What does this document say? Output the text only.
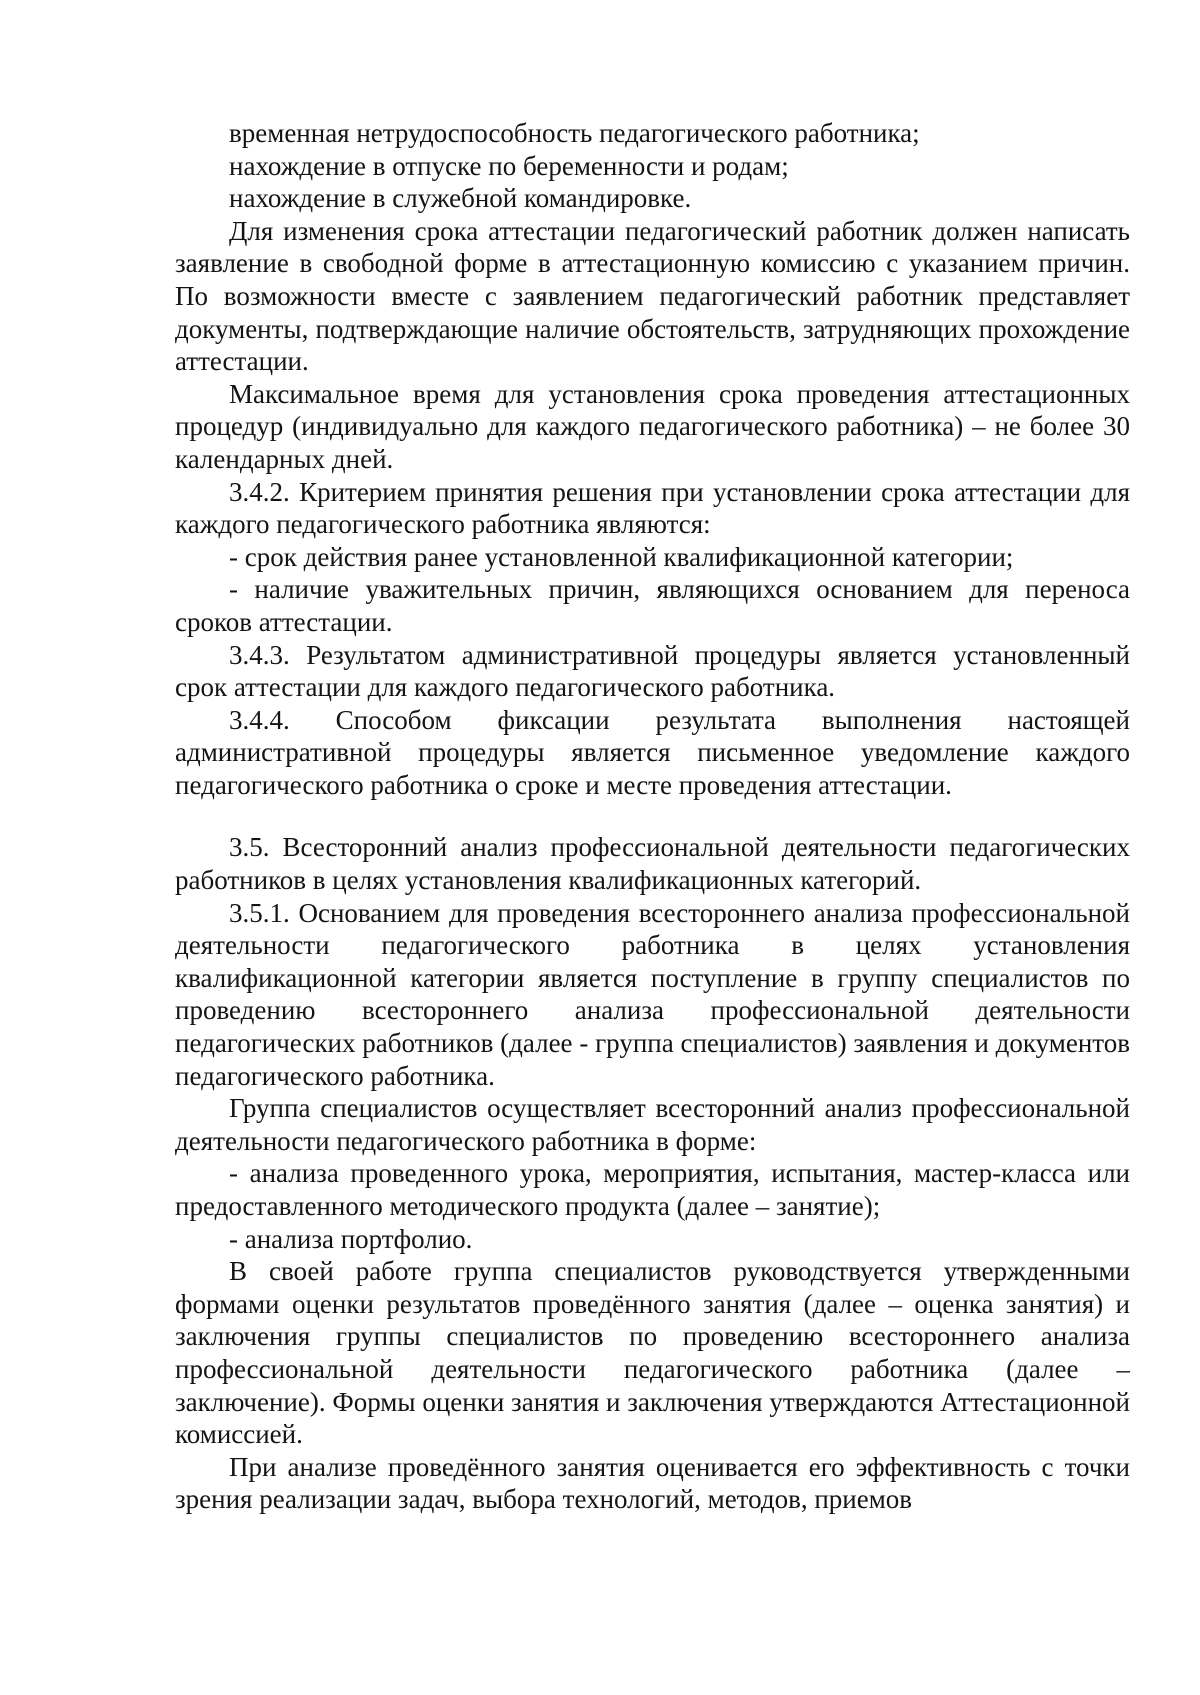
временная нетрудоспособность педагогического работника;

нахождение в отпуске по беременности и родам;

нахождение в служебной командировке.

Для изменения срока аттестации педагогический работник должен написать заявление в свободной форме в аттестационную комиссию с указанием причин. По возможности вместе с заявлением педагогический работник представляет документы, подтверждающие наличие обстоятельств, затрудняющих прохождение аттестации.

Максимальное время для установления срока проведения аттестационных процедур (индивидуально для каждого педагогического работника) – не более 30 календарных дней.

3.4.2. Критерием принятия решения при установлении срока аттестации для каждого педагогического работника являются:

- срок действия ранее установленной квалификационной категории;

- наличие уважительных причин, являющихся основанием для переноса сроков аттестации.

3.4.3. Результатом административной процедуры является установленный срок аттестации для каждого педагогического работника.

3.4.4. Способом фиксации результата выполнения настоящей административной процедуры является письменное уведомление каждого педагогического работника о сроке и месте проведения аттестации.

3.5. Всесторонний анализ профессиональной деятельности педагогических работников в целях установления квалификационных категорий.

3.5.1. Основанием для проведения всестороннего анализа профессиональной деятельности педагогического работника в целях установления квалификационной категории является поступление в группу специалистов по проведению всестороннего анализа профессиональной деятельности педагогических работников (далее - группа специалистов) заявления и документов педагогического работника.

Группа специалистов осуществляет всесторонний анализ профессиональной деятельности педагогического работника в форме:

- анализа проведенного урока, мероприятия, испытания, мастер-класса или предоставленного методического продукта (далее – занятие);

- анализа портфолио.

В своей работе группа специалистов руководствуется утвержденными формами оценки результатов проведённого занятия (далее – оценка занятия) и заключения группы специалистов по проведению всестороннего анализа профессиональной деятельности педагогического работника (далее – заключение). Формы оценки занятия и заключения утверждаются Аттестационной комиссией.

При анализе проведённого занятия оценивается его эффективность с точки зрения реализации задач, выбора технологий, методов, приемов
